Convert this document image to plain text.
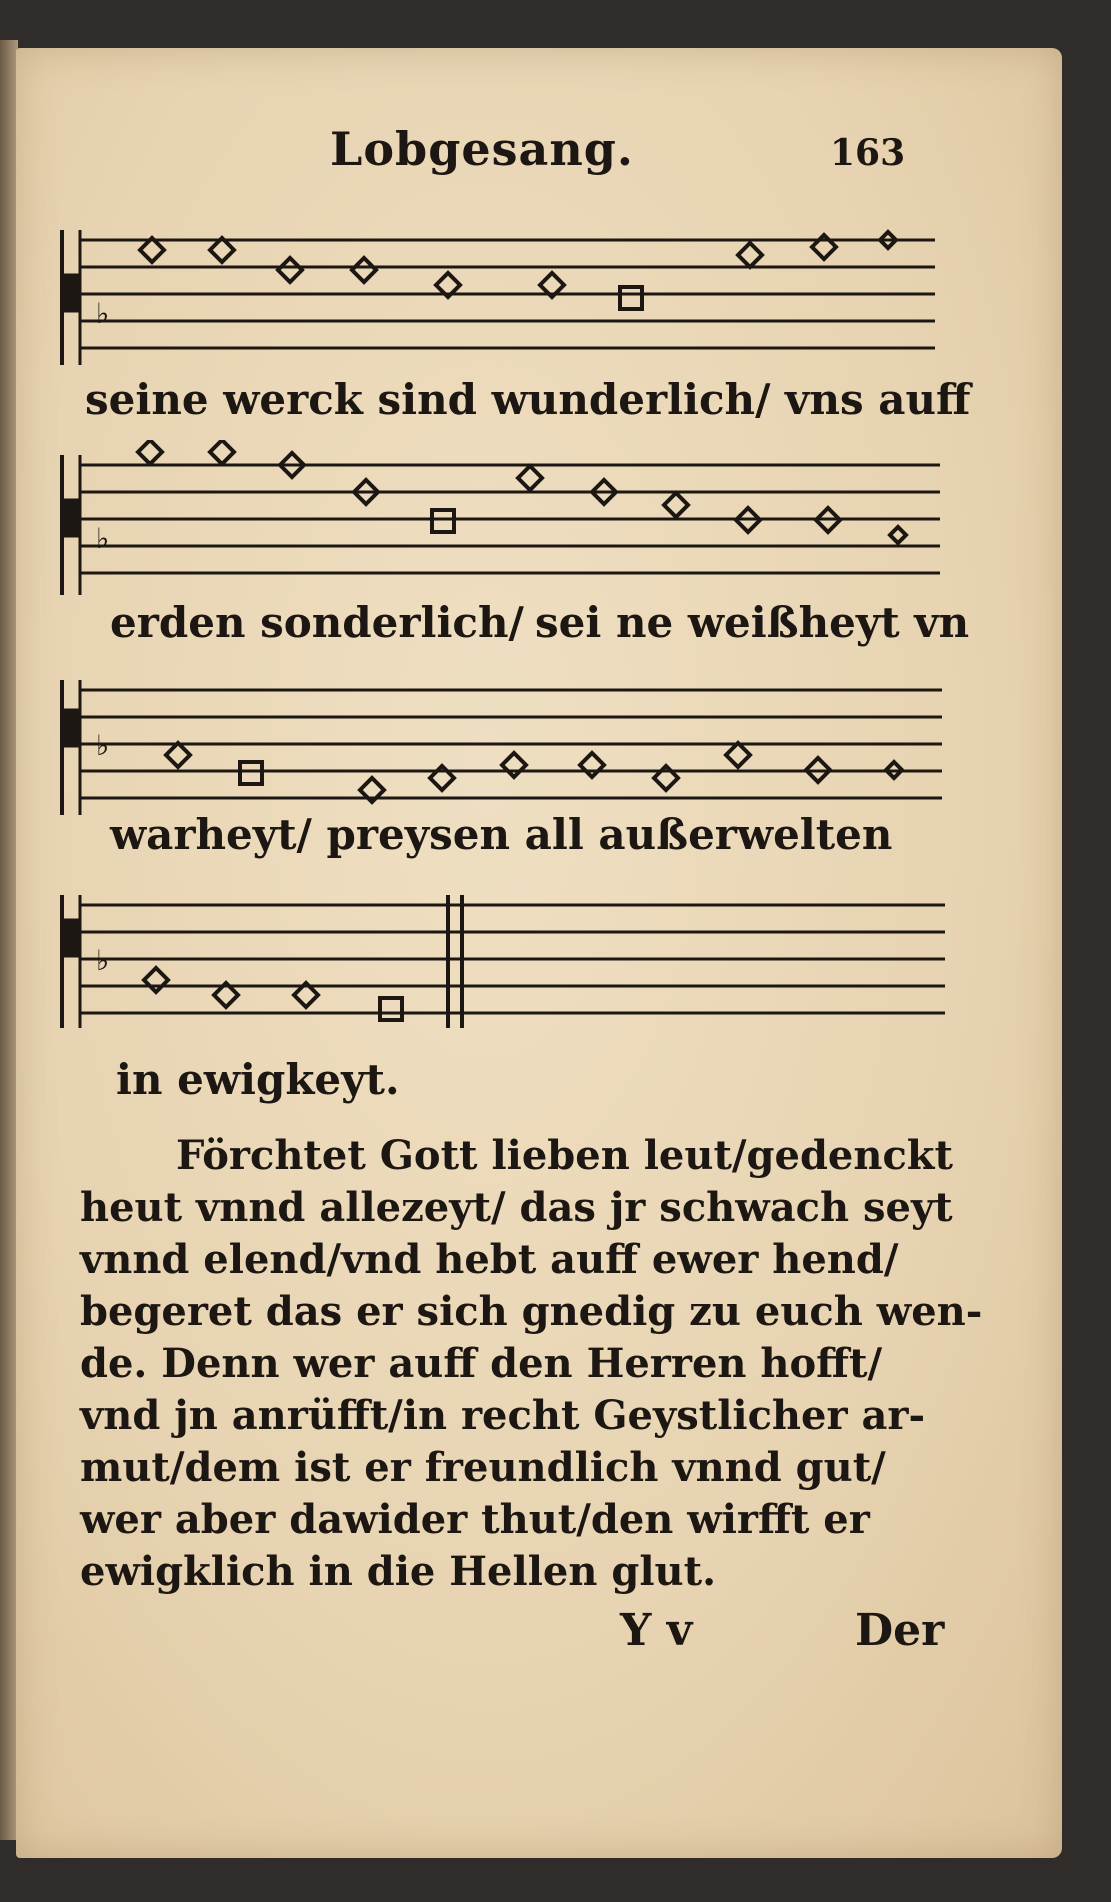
Lobgesang.	163
♭
seine werck sind wunderlich/ vns auff
♭
erden sonderlich/ sei ne weißheyt vn
♭
warheyt/ preysen all außerwelten
♭
in ewigkeyt.
Förchtet Gott lieben leut/gedenckt
heut vnnd allezeyt/ das jr schwach seyt
vnnd elend/vnd hebt auff ewer hend/
begeret das er sich gnedig zu euch wen-
de. Denn wer auff den Herren hofft/
vnd jn anrüfft/in recht Geystlicher ar-
mut/dem ist er freundlich vnnd gut/
wer aber dawider thut/den wirfft er
ewigklich in die Hellen glut.
Y v	Der
